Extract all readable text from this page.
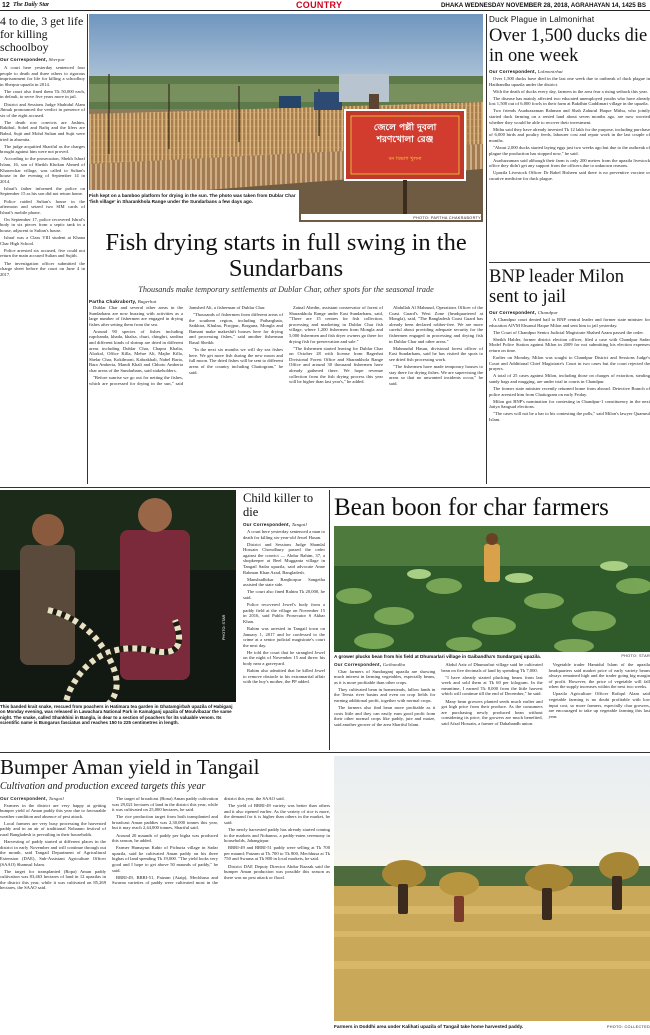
12 The Daily Star	COUNTRY	DHAKA WEDNESDAY NOVEMBER 28, 2018, AGRAHAYAN 14, 1425 BS
4 to die, 3 get life for killing schoolboy
Our Correspondent, Sherpur

A court here yesterday sentenced four people to death and three others to rigorous imprisonment for life for killing a schoolboy in Sherpur upazila in 2014.

The court also fined them Tk 50,000 each, in default, to serve five years more in jail.

District and Sessions Judge Shahidul Alam Jhinuk pronounced the verdict in presence of six of the eight accused.

The death row convicts are Jashim, Rakibul, Sohel and Rafiq and the lifers are Babul, Sujit and Mohd Sultan and Sujit were tried in absentia.

The judge acquitted Shariful as the charges brought against him were not proved.

According to the prosecution, Shekh Ishraf Islam, 16, son of Sheikh Khokan Ahmed of Khaserchar village, was called to Sultan's house in the evening of September 14 in 2014.

Ishraf's father informed the police on September 15 as his son did not return home.

Police raided Sultan's house in the afternoon and seized two SIM cards of Ishraf's mobile phone.

On September 17, police recovered Ishraf's body in six pieces from a septic tank in a house, adjacent to Sultan's house.

Ishraf was a Class VIII student at Khana Char High School.

Police arrested six accused, five could not return the main accused Sultan and Sujith.

The investigation officer submitted the charge sheet before the court on June 4 in 2017.

জেলে পল্লী দুবলা শরণখোলা রেঞ্জ
বন বিভাগ খুলনা
Fish kept on a bamboo platform for drying in the sun. The photo was taken from Dublar Char 'fish village' in Sharankhola Range under the Sundarbans a few days ago.
PHOTO: PARTHA CHAKRABORTY
Fish drying starts in full swing in the Sundarbans
Thousands make temporary settlements at Dublar Char, other spots for the seasonal trade
Partha Chakraborty, Bagerhat

Dublar Char and several other areas in the Sundarbans are now buzzing with activities as a large number of fishermen are engaged in drying fishes after setting them from the sea.

Around 90 species of fishes including rupchanda, khada, khalsa, churi, chinghri, sardina and different kinds of shrimp are dried in different areas including Dublar Char, Chapra Khalia, Alorkol, Office Killa, Mehre Ali, Majhe Killa, Shelar Char, Kokilmoni, Kabrakhali, Nabel Baria, Bara Amberia, Mandi Khali and Chhoto Amberia char areas of the Sundarbans, said stakeholders.

"Before sunrise we go out for netting the fishes, which are processed for drying in the sun," said Jamshed Ali, a fisherman of Dublar Char.

"Thousands of fishermen from different areas of the southern region, including Patharghata, Satkhira, Khulna, Pirojpur, Borguna, Mongla and Bamani make makeshift houses here for drying and processing fishes," said another fisherman Rasul Sheikh.

"In the next six months we will dry sea fishes here. We get more fish during the new moon and full moon. The dried fishes will be sent to different areas of the country including Chattogram," he said.

Zainal Abedin, assistant conservator of forest of Sharankhola Range under East Sundarbans, said, "There are 15 centres for fish collection, processing and marketing in Dublar Char fish village, where 1,200 fishermen from Mongla and 5,000 fishermen and fish dryer owners go there for drying fish for preservation and sale."

"The fishermen started leaving for Dublar Char on October 28 with license from Bagerhat Divisional Forest Office and Sharankhola Range Office and around 30 thousand fishermen have already gathered there. We hope revenue collection from the fish drying process this year will be higher than last year's," he added.

Abdullah Al Mahmud, Operations Officer of the Coast Guard's West Zone (headquartered at Mongla), said, "The Bangladesh Coast Guard has already been declared robber-free. We are more careful about providing adequate security for the fishermen engaged in processing and drying fish in Dublar Char and other areas."

Mahmudul Hasan, divisional forest officer of East Sundarbans, said he has visited the spots to see dried fish processing work.

"The fishermen have made temporary houses to stay there for drying fishes. We are supervising the areas so that no unwanted incidents occur," he said.

Duck Plague in Lalmonirhat
Over 1,500 ducks die in one week
Our Correspondent, Lalmonirhat

Over 1,500 ducks have died in the last one week due to outbreak of duck plague in Hatibandha upazila under the district.

With the death of ducks every day, farmers in the area fear a rising setback this year.

The disease has mainly affected two educated unemployed youths who have already lost 1,500 out of 6,000 fowls in their farm at Bakdhin Gaddimari village in the upazila.

Two friends Asaduzzaman Rahman and Shah Zahurul Haque Mithu, who jointly started duck farming on a rented land about seven months ago, are now worried whether they would be able to recover their investment.

Mithu said they have already invested Tk 12 lakh for the purpose, including purchase of 6,000 birds and poultry feeds, labourer cost and repair work in the last couple of months.

"About 2,000 ducks started laying eggs just two weeks ago but due to the outbreak of plague the production has stopped now," he said.

Asaduzzaman said although their farm is only 200 metres from the upazila livestock office they didn't get any support from the officers due to unknown reasons.

Upazila Livestock Officer Dr Rabel Bisheen said there is no preventive vaccine or curative medicine for duck plague.

BNP leader Milon sent to jail
Our Correspondent, Chandpur

A Chandpur court denied bail to BNP central leader and former state minister for education AIVM Ehsanul Haque Milon and sent him to jail yesterday.

The Court of Chandpur Senior Judicial Magistrate Shahed Azam passed the order.

Sheikh Halder, former district election officer, filed a case with Chandpur Sadar Model Police Station against Milon in 2009 for not submitting his election expenses return on time.

Earlier on Monday, Milon was sought to Chandpur District and Sessions Judge's Court and Additional Chief Magistrate's Court in two cases but the court rejected the prayers.

A total of 25 cases against Milon, including those on charges of extortion, stealing sandy bags and mugging, are under trial in courts in Chandpur.

The former state minister recently returned home from abroad. Detective Branch of police arrested him from Chattogram on early Friday.

Milon got BNP's nomination for contesting in Chandpur-1 constituency in the next Jatiya Sangsad elections.

"The cases will not be a bar to his contesting the polls," said Milon's lawyer Quamrul Islam.

This banded krait snake, rescued from poachers in Hatimara tea garden in Ghatamgirbah upazila of Habiganj on Monday evening, was released in Lawachara National Park in Kamalganj upazila of Moulvibazar the same night. The snake, called Shankhini in Bangla, is dear to a section of poachers for its valuable venom. Its scientific name is Bungarus fasciatus and reaches 150 to 225 centimetres in length.
PHOTO: STAR
Child killer to die
Our Correspondent, Tangail

A court here yesterday sentenced a man to death for killing six-year-old Jewel Hasan.

District and Sessions Judge Shamlal Hossain Chowdhury passed the order against the convict — Abdur Rahim, 37, a shopkeeper at Beel Mugganta village in Tangail Sadar upazila, said advocate Anne Rahman Khan Azad, Bangladesh.

Manshudhikar Ranjhorpur Sangetha assisted the state side.

The court also fined Rahim Tk 20,000, he said.

Police recovered Jewel's body from a paddy field at the village on November 15 in 2016, said Public Prosecutor S Akbar Khan.

Rahim was arrested in Tangail town on January 1, 2017 and he confessed to the crime at a senior judicial magistrate's court the next day.

He told the court that he strangled Jewel on the night of November 15 and threw his body near a graveyard.

Rahim also admitted that he killed Jewel to remove obstacle to his extramarital affair with the boy's mother, the PP added.

Bean boon for char farmers
A grower plucks bean from his field at Dhumarlari village in Gaibandha's Sundarganj upazila.	PHOTO: STAR
Our Correspondent, Gaibandha

Char farmers of Sundarganj upazila are showing much interest in farming vegetables, especially beans, as it is more profitable than other crops.

They cultivated bean in homesteads, fallow lands in the Teesta river basins and even on crop fields for earning additional profit, together with normal crops.

The farmers also find bean more profitable as it costs little and they can easily earn good profit from their other normal crops like paddy, jute and maize, said another grower of the area Shariful Islam.

Abdul Aziz of Dhumarlari village said he cultivated bean on five decimals of land by spending Tk 7,000.

"I have already started plucking beans from last week and sold them at Tk 60 per kilogram. In the meantime, I earned Tk 8,000 from the little harvest which will continue till the end of December," he said.

Many bean growers planted seeds much earlier and got high price from their produce. As the consumers are purchasing newly produced bean without considering its price, the growers are much benefited, said Afzal Hossain, a farmer of Dahabandh union.

Vegetable trader Hamidul Islam of the upazila headquarters said market price of early variety beans always remained high and the trader going big margin of profit. However, the price of vegetable will fall when the supply increases within the next two weeks.

Upazila Agriculture Officer Rafiqul Alam said vegetable farming is no doubt profitable with low input cost, so more farmers, especially char growers, are encouraged to take up vegetable farming this last year.

Bumper Aman yield in Tangail
Cultivation and production exceed targets this year
Our Correspondent, Tangail

Farmers in the district are very happy at getting bumper yield of Aman paddy this year due to favourable weather condition and absence of pest attack.

Local farmers are very busy processing the harvested paddy and in an air of traditional Nobanno festival of rural Bangladesh is prevailing in their households.

Harvesting of paddy started at different places in the district in early November and will continue through out the month, said Tangail Department of Agricultural Extension (DAE), Sub-Assistant Agriculture Officer (SAAO) Shamsul Islam.

The target for transplanted (Ropa) Aman paddy cultivation was 83,463 hectares of land in 12 upazilas in the district this year, while it was cultivated on 85,269 hectares, the SAAO said.

The target of broadcast (Bona) Aman paddy cultivation was 29,021 hectares of land in the district this year, while it was cultivated on 25,000 hectares, he said.

The rice production target from both transplanted and broadcast Aman paddies was 2,30,000 tonnes this year, but it may reach 2,44,000 tonnes, Shariful said.

Around 20 maunds of paddy per bigha was produced this season, he added.

Farmer Humayun Kabir of Pichuria village in Sadar upazila, said he cultivated Aman paddy on his three bighas of land spending Tk 19,000. "The yield looks very good and I hope to get above 50 maunds of paddy," he said.

BRRI-49, BRRI-51, Paizam (Ataip), Mechhusa and Swarna varieties of paddy were cultivated most in the district this year, the SAAO said.

The yield of BRRI-49 variety was better than others and it also ripened earlier. As the variety of rice is more, the demand for it is higher than others in the market, he said.

The newly harvested paddy has already started coming to the markets and Nobanno, a paddy-eaten ceremony in households, Jahangirpur.

BRRI-49 and BRRI-51 paddy were selling at Tk 700 per maund; Paizam at Tk 700 to Tk 800, Mechhusa at Tk 750 and Swarna at Tk 800 in local markets, he said.

District DAE Deputy Director Abdur Razzak said the bumper Aman production was possible this season as there was no pest attack or flood.

Farmers in Doddhi area under Kalihati upazila of Tangail take home harvested paddy.	PHOTO: COLLECTED
